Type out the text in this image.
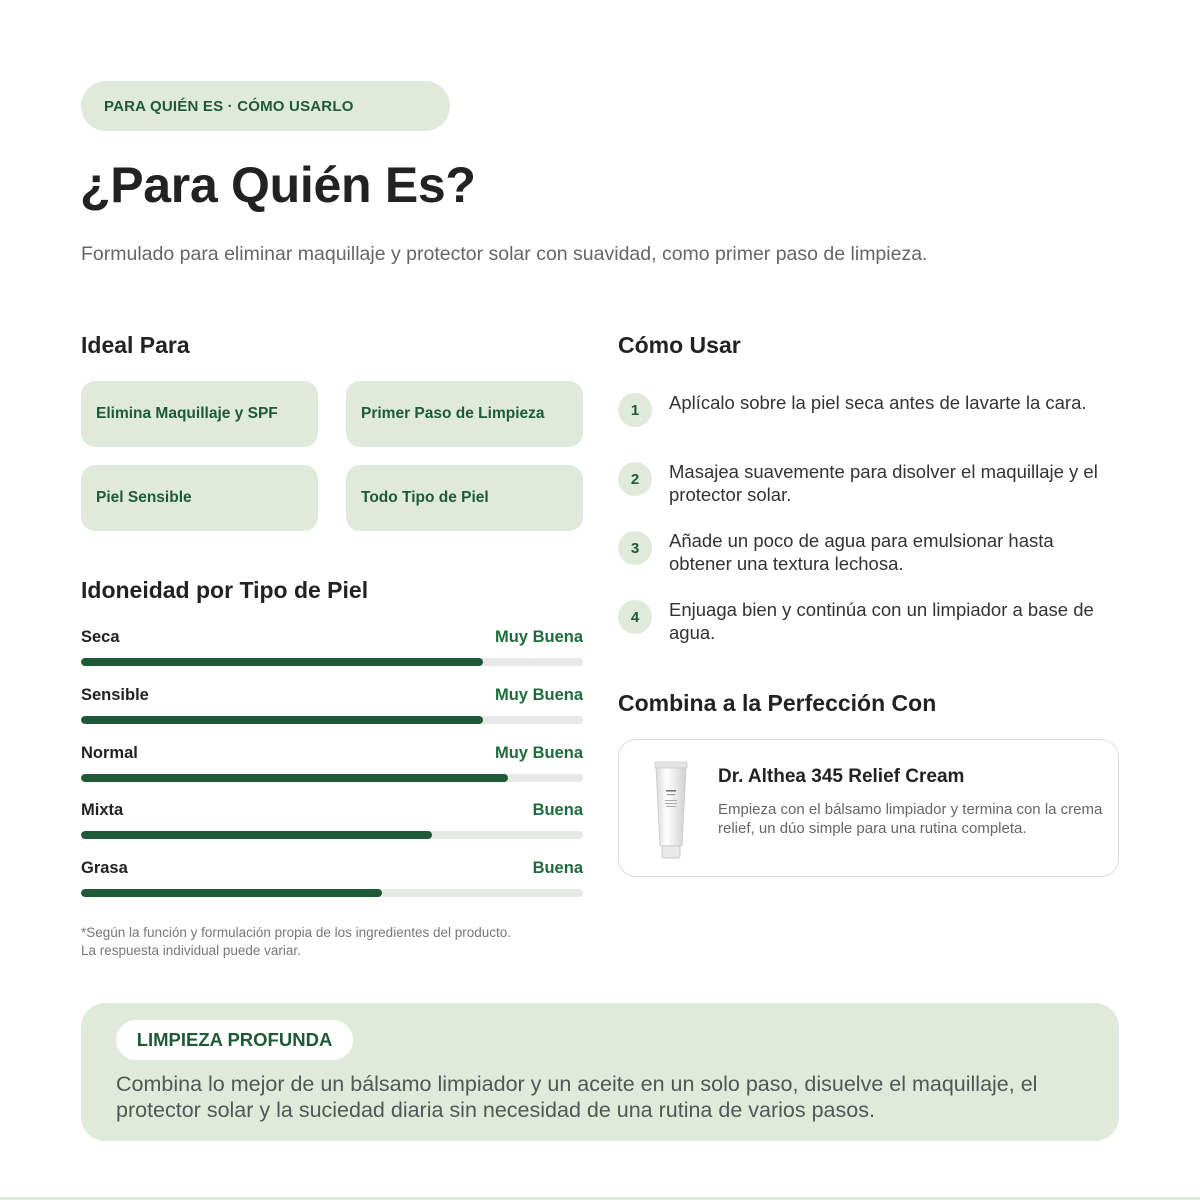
PARA QUIÉN ES · CÓMO USARLO
¿Para Quién Es?

Formulado para eliminar maquillaje y protector solar con suavidad, como primer paso de limpieza.

Ideal Para
Elimina Maquillaje y SPF	Primer Paso de Limpieza
Piel Sensible	Todo Tipo de Piel
Idoneidad por Tipo de Piel
Seca	Muy Buena
Sensible	Muy Buena
Normal	Muy Buena
Mixta	Buena
Grasa	Buena
*Según la función y formulación propia de los ingredientes del producto.
La respuesta individual puede variar.
Cómo Usar
1	Aplícalo sobre la piel seca antes de lavarte la cara.
2	Masajea suavemente para disolver el maquillaje y el protector solar.
3	Añade un poco de agua para emulsionar hasta obtener una textura lechosa.
4	Enjuaga bien y continúa con un limpiador a base de agua.
Combina a la Perfección Con
Dr. Althea 345 Relief Cream
Empieza con el bálsamo limpiador y termina con la crema relief, un dúo simple para una rutina completa.
LIMPIEZA PROFUNDA
Combina lo mejor de un bálsamo limpiador y un aceite en un solo paso, disuelve el maquillaje, el protector solar y la suciedad diaria sin necesidad de una rutina de varios pasos.
